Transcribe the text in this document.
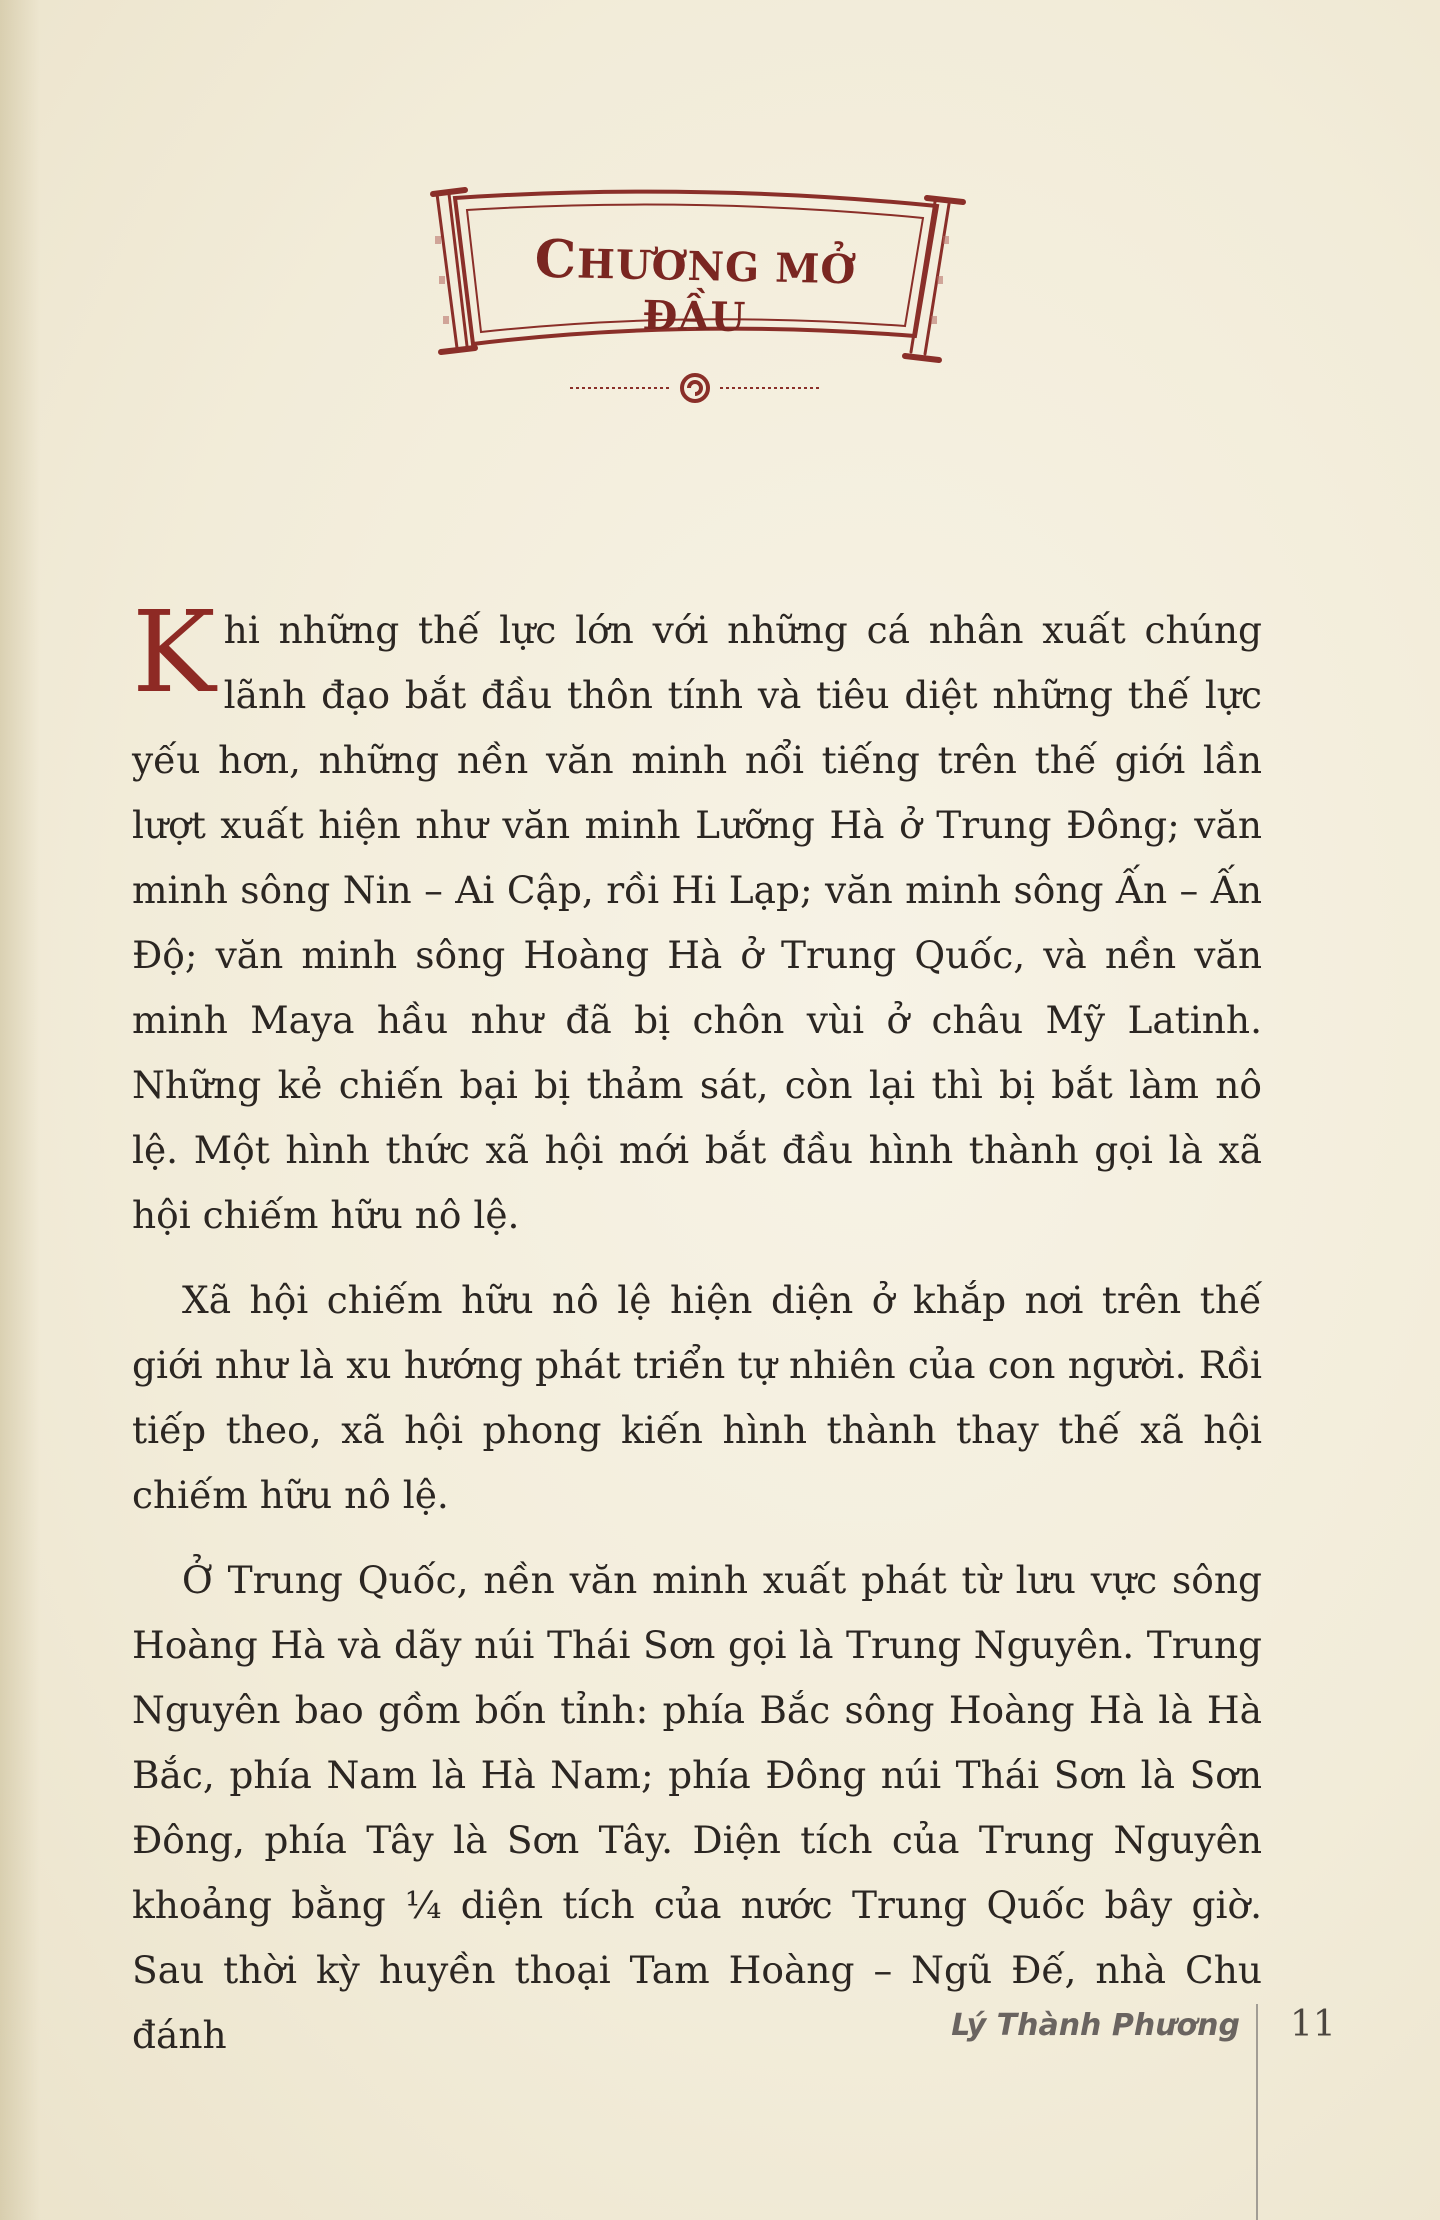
CHƯƠNG MỞ ĐẦU

Khi những thế lực lớn với những cá nhân xuất chúng lãnh đạo bắt đầu thôn tính và tiêu diệt những thế lực yếu hơn, những nền văn minh nổi tiếng trên thế giới lần lượt xuất hiện như văn minh Lưỡng Hà ở Trung Đông; văn minh sông Nin – Ai Cập, rồi Hi Lạp; văn minh sông Ấn – Ấn Độ; văn minh sông Hoàng Hà ở Trung Quốc, và nền văn minh Maya hầu như đã bị chôn vùi ở châu Mỹ Latinh. Những kẻ chiến bại bị thảm sát, còn lại thì bị bắt làm nô lệ. Một hình thức xã hội mới bắt đầu hình thành gọi là xã hội chiếm hữu nô lệ.

Xã hội chiếm hữu nô lệ hiện diện ở khắp nơi trên thế giới như là xu hướng phát triển tự nhiên của con người. Rồi tiếp theo, xã hội phong kiến hình thành thay thế xã hội chiếm hữu nô lệ.

Ở Trung Quốc, nền văn minh xuất phát từ lưu vực sông Hoàng Hà và dãy núi Thái Sơn gọi là Trung Nguyên. Trung Nguyên bao gồm bốn tỉnh: phía Bắc sông Hoàng Hà là Hà Bắc, phía Nam là Hà Nam; phía Đông núi Thái Sơn là Sơn Đông, phía Tây là Sơn Tây. Diện tích của Trung Nguyên khoảng bằng ¼ diện tích của nước Trung Quốc bây giờ. Sau thời kỳ huyền thoại Tam Hoàng – Ngũ Đế, nhà Chu đánh	Lý Thành Phương 11
